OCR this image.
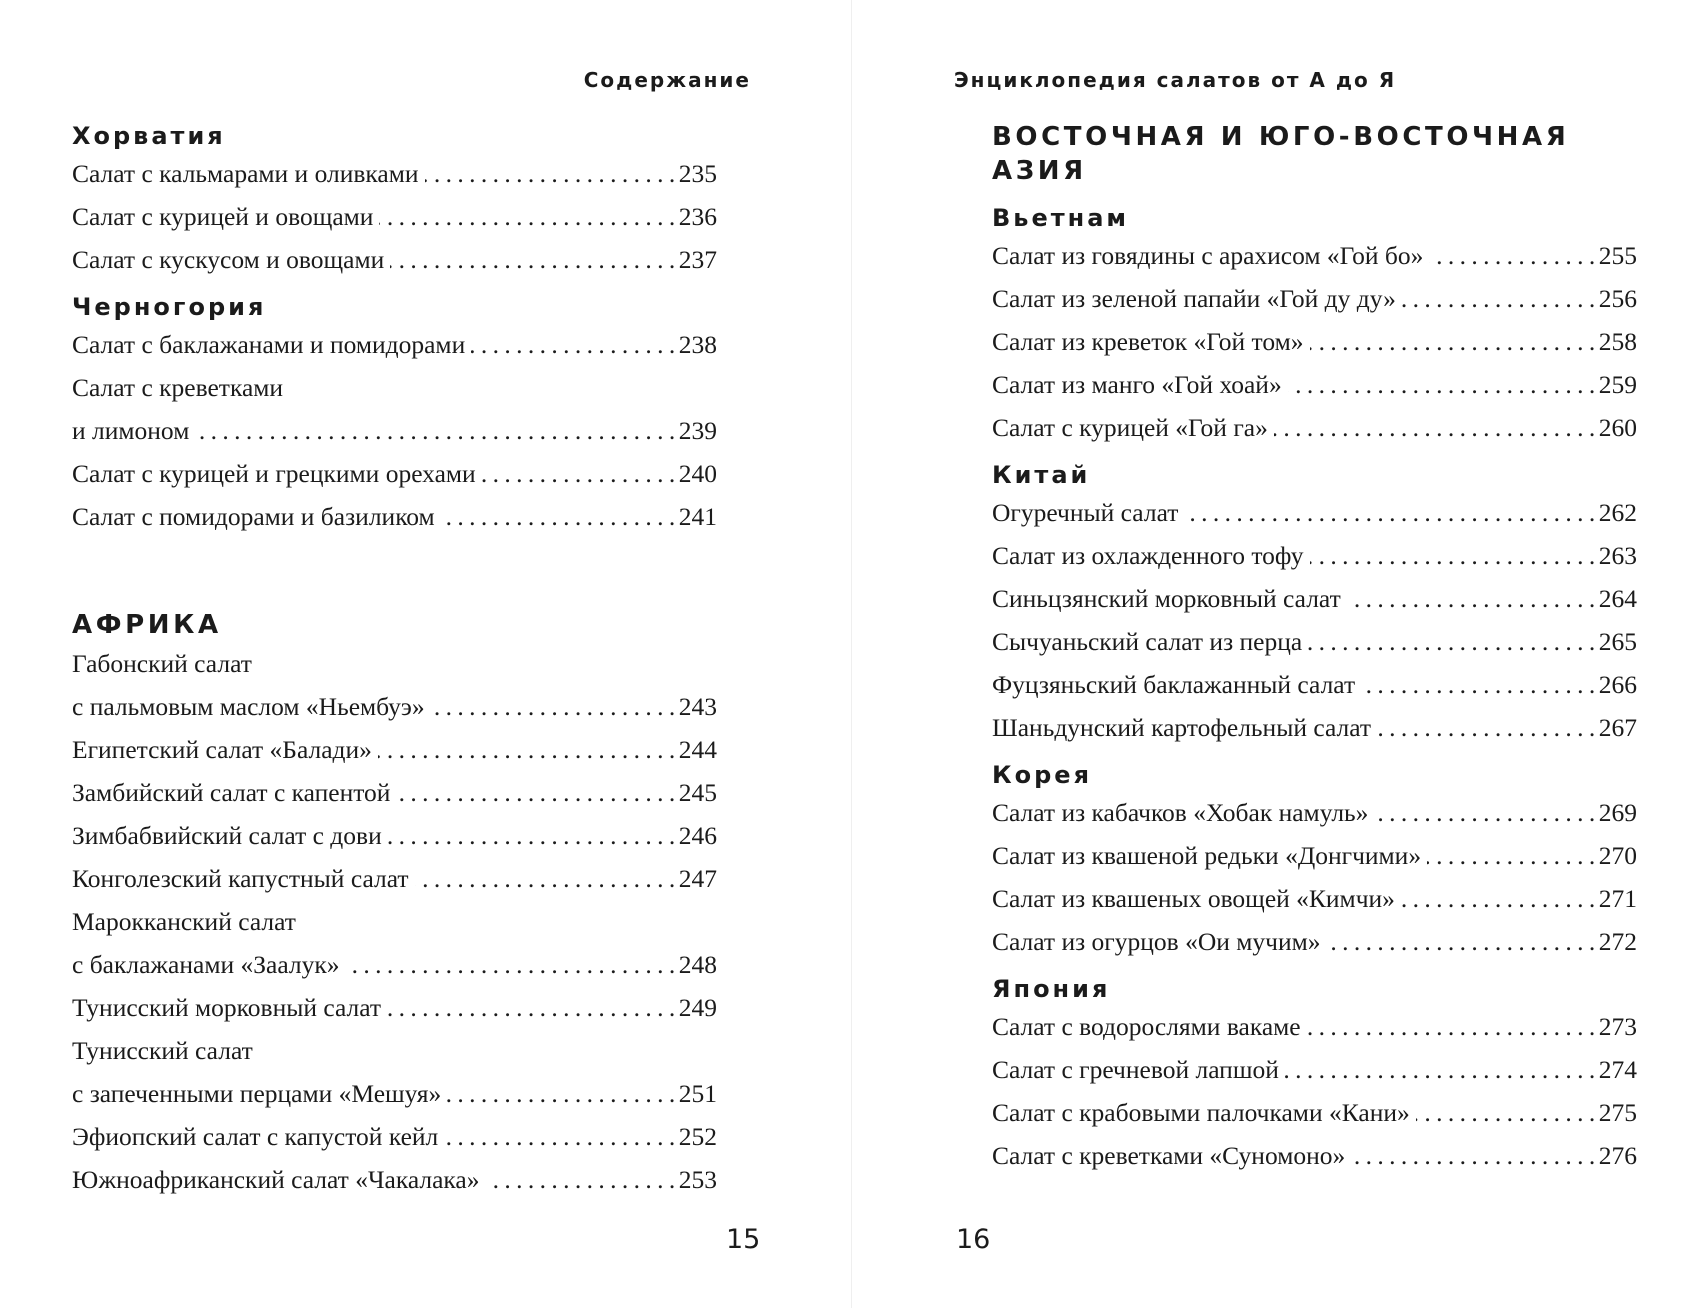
Содержание
Хорватия
Салат с кальмарами и оливками . . .	235
Салат с курицей и овощами . . .	236
Салат с кускусом и овощами . . .	237
Черногория
Салат с баклажанами и помидорами . . .	238
Салат с креветками
и лимоном . . .	239
Салат с курицей и грецкими орехами . . .	240
Салат с помидорами и базиликом . . .	241
АФРИКА
Габонский салат
с пальмовым маслом «Ньембуэ» . . .	243
Египетский салат «Балади» . . .	244
Замбийский салат с капентой . . .	245
Зимбабвийский салат с дови . . .	246
Конголезский капустный салат . . .	247
Марокканский салат
с баклажанами «Заалук» . . .	248
Тунисский морковный салат . . .	249
Тунисский салат
с запеченными перцами «Мешуя» . . .	251
Эфиопский салат с капустой кейл . . .	252
Южноафриканский салат «Чакалака» . . .	253
15
Энциклопедия салатов от А до Я
ВОСТОЧНАЯ И ЮГО-ВОСТОЧНАЯ АЗИЯ
Вьетнам
Салат из говядины с арахисом «Гой бо» . . .	255
Салат из зеленой папайи «Гой ду ду» . . .	256
Салат из креветок «Гой том» . . .	258
Салат из манго «Гой хоай» . . .	259
Салат с курицей «Гой га» . . .	260
Китай
Огуречный салат . . .	262
Салат из охлажденного тофу . . .	263
Синьцзянский морковный салат . . .	264
Сычуаньский салат из перца . . .	265
Фуцзяньский баклажанный салат . . .	266
Шаньдунский картофельный салат . . .	267
Корея
Салат из кабачков «Хобак намуль» . . .	269
Салат из квашеной редьки «Донгчими» . . .	270
Салат из квашеных овощей «Кимчи» . . .	271
Салат из огурцов «Ои мучим» . . .	272
Япония
Салат с водорослями вакаме . . .	273
Салат с гречневой лапшой . . .	274
Салат с крабовыми палочками «Кани» . . .	275
Салат с креветками «Суномоно» . . .	276
16
